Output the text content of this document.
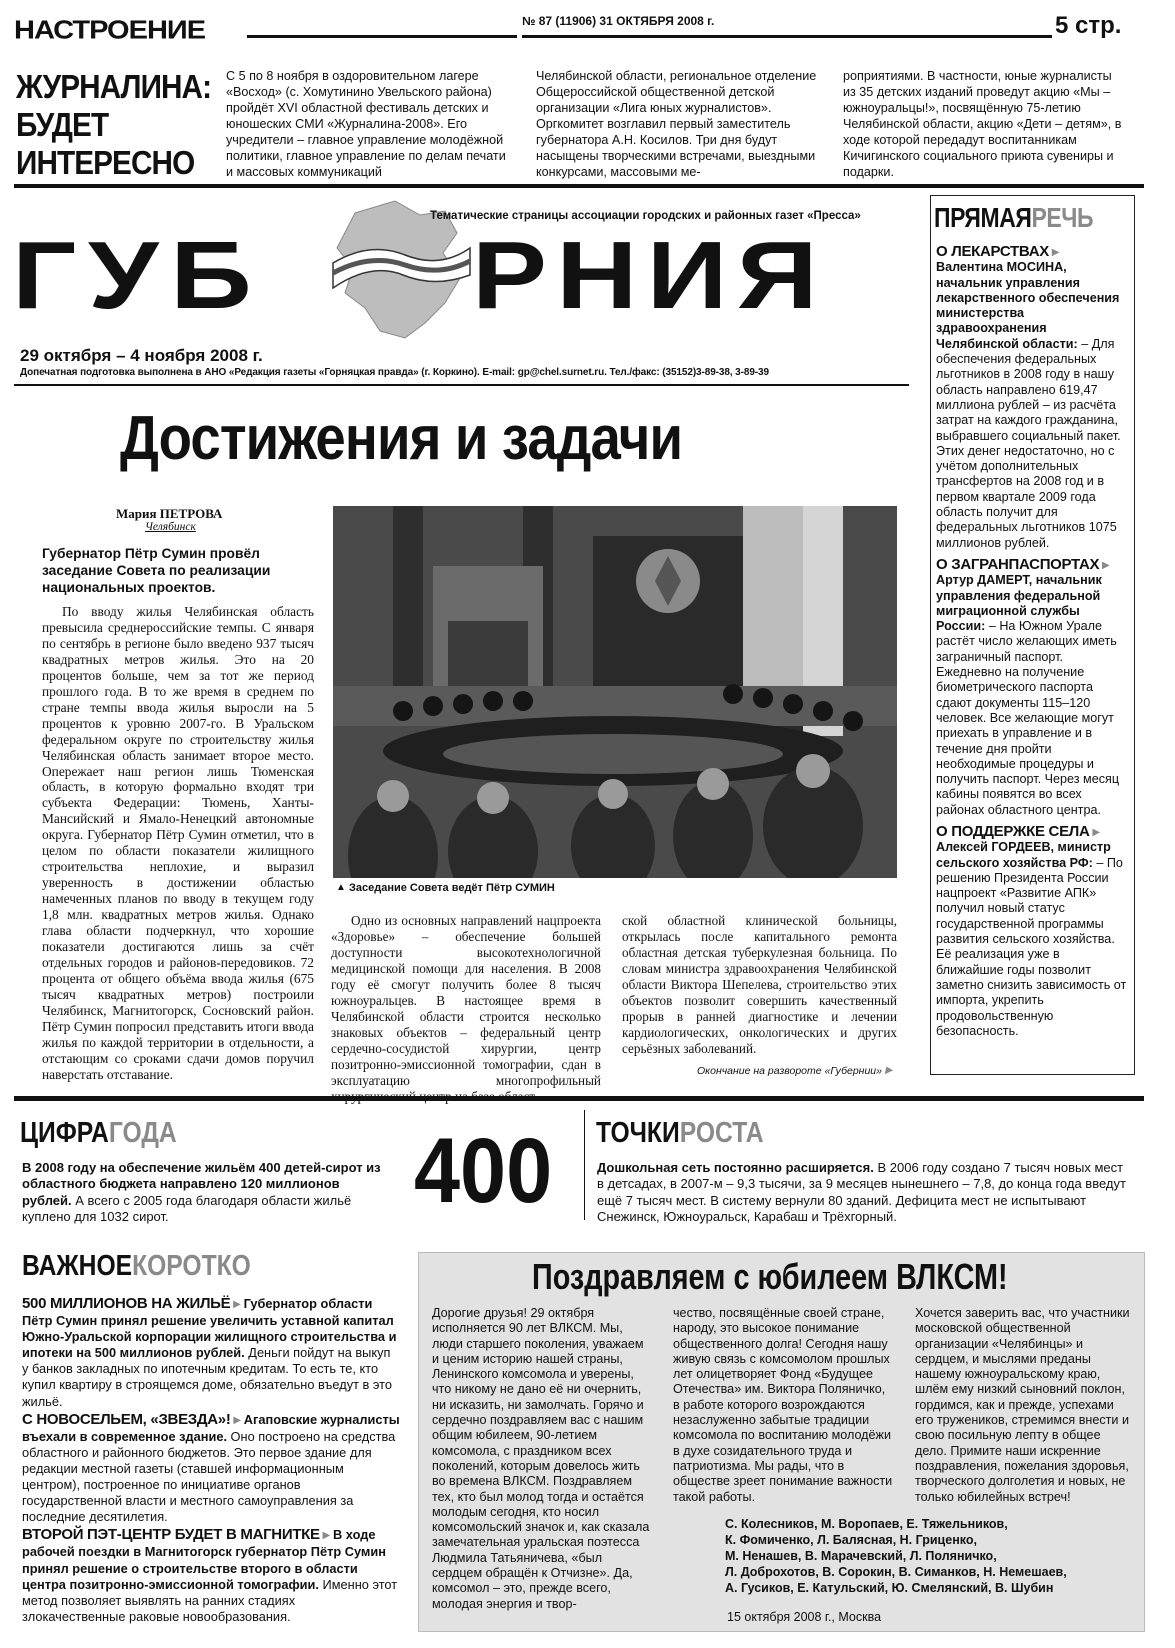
НАСТРОЕНИЕ	№ 87 (11906) 31 ОКТЯБРЯ 2008 г.	5 стр.
ЖУРНАЛИНА:
БУДЕТ
ИНТЕРЕСНО
С 5 по 8 ноября в оздоровительном лагере «Восход» (с. Хомутинино Увельского района) пройдёт XVI областной фестиваль детских и юношеских СМИ «Журналина-2008». Его учредители – главное управление молодёжной политики, главное управление по делам печати и массовых коммуникаций
Челябинской области, региональное отделение Общероссийской общественной детской организации «Лига юных журналистов». Оргкомитет возглавил первый заместитель губернатора А.Н. Косилов. Три дня будут насыщены творческими встречами, выездными конкурсами, массовыми ме-
роприятиями. В частности, юные журналисты из 35 детских изданий проведут акцию «Мы – южноуральцы!», посвящённую 75-летию Челябинской области, акцию «Дети – детям», в ходе которой передадут воспитанникам Кичигинского социального приюта сувениры и подарки.
Тематические страницы ассоциации городских и районных газет «Пресса»
ГУБ РНИЯ
29 октября – 4 ноября 2008 г.
Допечатная подготовка выполнена в АНО «Редакция газеты «Горняцкая правда» (г. Коркино). E-mail: gp@chel.surnet.ru. Тел./факс: (35152)3-89-38, 3-89-39
Достижения и задачи
Мария ПЕТРОВА
Челябинск
Губернатор Пётр Сумин провёл заседание Совета по реализации национальных проектов.
По вводу жилья Челябинская область превысила среднероссийские темпы. С января по сентябрь в регионе было введено 937 тысяч квадратных метров жилья. Это на 20 процентов больше, чем за тот же период прошлого года. В то же время в среднем по стране темпы ввода жилья выросли на 5 процентов к уровню 2007-го. В Уральском федеральном округе по строительству жилья Челябинская область занимает второе место. Опережает наш регион лишь Тюменская область, в которую формально входят три субъекта Федерации: Тюмень, Ханты-Мансийский и Ямало-Ненецкий автономные округа. Губернатор Пётр Сумин отметил, что в целом по области показатели жилищного строительства неплохие, и выразил уверенность в достижении областью намеченных планов по вводу в текущем году 1,8 млн. квадратных метров жилья. Однако глава области подчеркнул, что хорошие показатели достигаются лишь за счёт отдельных городов и районов-передовиков. 72 процента от общего объёма ввода жилья (675 тысяч квадратных метров) построили Челябинск, Магнитогорск, Сосновский район. Пётр Сумин попросил представить итоги ввода жилья по каждой территории в отдельности, а отстающим со сроками сдачи домов поручил наверстать отставание.
▲ Заседание Совета ведёт Пётр СУМИН
Одно из основных направлений нацпроекта «Здоровье» – обеспечение большей доступности высокотехнологичной медицинской помощи для населения. В 2008 году её смогут получить более 8 тысяч южноуральцев. В настоящее время в Челябинской области строится несколько знаковых объектов – федеральный центр сердечно-сосудистой хирургии, центр позитронно-эмиссионной томографии, сдан в эксплуатацию многопрофильный
ской областной клинической больницы, открылась после капитального ремонта областная детская туберкулезная больница. По словам министра здравоохранения Челябинской области Виктора Шепелева, строительство этих объектов позволит совершить качественный прорыв в ранней диагностике и лечении кардиологических, онкологических и других серьёзных заболеваний.
Окончание на развороте «Губернии» ▶
ПРЯМАЯРЕЧЬ
О ЛЕКАРСТВАХ ▶ Валентина МОСИНА, начальник управления лекарственного обеспечения министерства здравоохранения Челябинской области: – Для обеспечения федеральных льготников в 2008 году в нашу область направлено 619,47 миллиона рублей – из расчёта затрат на каждого гражданина, выбравшего социальный пакет. Этих денег недостаточно, но с учётом дополнительных трансфертов на 2008 год и в первом квартале 2009 года область получит для федеральных льготников 1075 миллионов рублей.
О ЗАГРАНПАСПОРТАХ ▶ Артур ДАМЕРТ, начальник управления федеральной миграционной службы России: – На Южном Урале растёт число желающих иметь заграничный паспорт. Ежедневно на получение биометрического паспорта сдают документы 115–120 человек. Все желающие могут приехать в управление и в течение дня пройти необходимые процедуры и получить паспорт. Через месяц кабины появятся во всех районах областного центра.
О ПОДДЕРЖКЕ СЕЛА ▶ Алексей ГОРДЕЕВ, министр сельского хозяйства РФ: – По решению Президента России нацпроект «Развитие АПК» получил новый статус государственной программы развития сельского хозяйства. Её реализация уже в ближайшие годы позволит заметно снизить зависимость от импорта, укрепить продовольственную безопасность.
ЦИФРАГОДА
В 2008 году на обеспечение жильём 400 детей-сирот из областного бюджета направлено 120 миллионов рублей. А всего с 2005 года благодаря области жильё куплено для 1032 сирот.	400 ТОЧКИРОСТА
Дошкольная сеть постоянно расширяется. В 2006 году создано 7 тысяч новых мест в детсадах, в 2007-м – 9,3 тысячи, за 9 месяцев нынешнего – 7,8, до конца года введут ещё 7 тысяч мест. В систему вернули 80 зданий. Дефицита мест не испытывают Снежинск, Южноуральск, Карабаш и Трёхгорный.
ВАЖНОЕКОРОТКО
500 МИЛЛИОНОВ НА ЖИЛЬЁ ▶ Губернатор области Пётр Сумин принял решение увеличить уставной капитал Южно-Уральской корпорации жилищного строительства и ипотеки на 500 миллионов рублей. Деньги пойдут на выкуп у банков закладных по ипотечным кредитам. То есть те, кто купил квартиру в строящемся доме, обязательно въедут в это жильё.
С НОВОСЕЛЬЕМ, «ЗВЕЗДА»! ▶ Агаповские журналисты въехали в современное здание. Оно построено на средства областного и районного бюджетов. Это первое здание для редакции местной газеты (ставшей информационным центром), построенное по инициативе органов государственной власти и местного самоуправления за последние десятилетия.
ВТОРОЙ ПЭТ-ЦЕНТР БУДЕТ В МАГНИТКЕ ▶ В ходе рабочей поездки в Магнитогорск губернатор Пётр Сумин принял решение о строительстве второго в области центра позитронно-эмиссионной томографии. Именно этот метод позволяет выявлять на ранних стадиях злокачественные раковые новообразования.
Поздравляем с юбилеем ВЛКСМ!
Дорогие друзья! 29 октября исполняется 90 лет ВЛКСМ. Мы, люди старшего поколения, уважаем и ценим историю нашей страны, Ленинского комсомола и уверены, что никому не дано её ни очернить, ни исказить, ни замолчать. Горячо и сердечно поздравляем вас с нашим общим юбилеем, 90-летием комсомола, с праздником всех поколений, которым довелось жить во времена ВЛКСМ. Поздравляем тех, кто был молод тогда и остаётся молодым сегодня, кто носил комсомольский значок и, как сказала замечательная уральская поэтесса Людмила Татьяничева, «был сердцем обращён к Отчизне». Да, комсомол – это, прежде всего, молодая энергия и твор-
чество, посвящённые своей стране, народу, это высокое понимание общественного долга! Сегодня нашу живую связь с комсомолом прошлых лет олицетворяет Фонд «Будущее Отечества» им. Виктора Поляничко, в работе которого возрождаются незаслуженно забытые традиции комсомола по воспитанию молодёжи в духе созидательного труда и патриотизма. Мы рады, что в обществе зреет понимание важности такой работы.
Хочется заверить вас, что участники московской общественной организации «Челябинцы» и сердцем, и мыслями преданы нашему южноуральскому краю, шлём ему низкий сыновний поклон, гордимся, как и прежде, успехами его тружеников, стремимся внести и свою посильную лепту в общее дело. Примите наши искренние поздравления, пожелания здоровья, творческого долголетия и новых, не только юбилейных встреч!
С. Колесников, М. Воропаев, Е. Тяжельников,
К. Фомиченко, Л. Балясная, Н. Гриценко,
М. Ненашев, В. Марачевский, Л. Поляничко,
Л. Доброхотов, В. Сорокин, В. Симанков, Н. Немешаев,
А. Гусиков, Е. Катульский, Ю. Смелянский, В. Шубин
15 октября 2008 г., Москва
